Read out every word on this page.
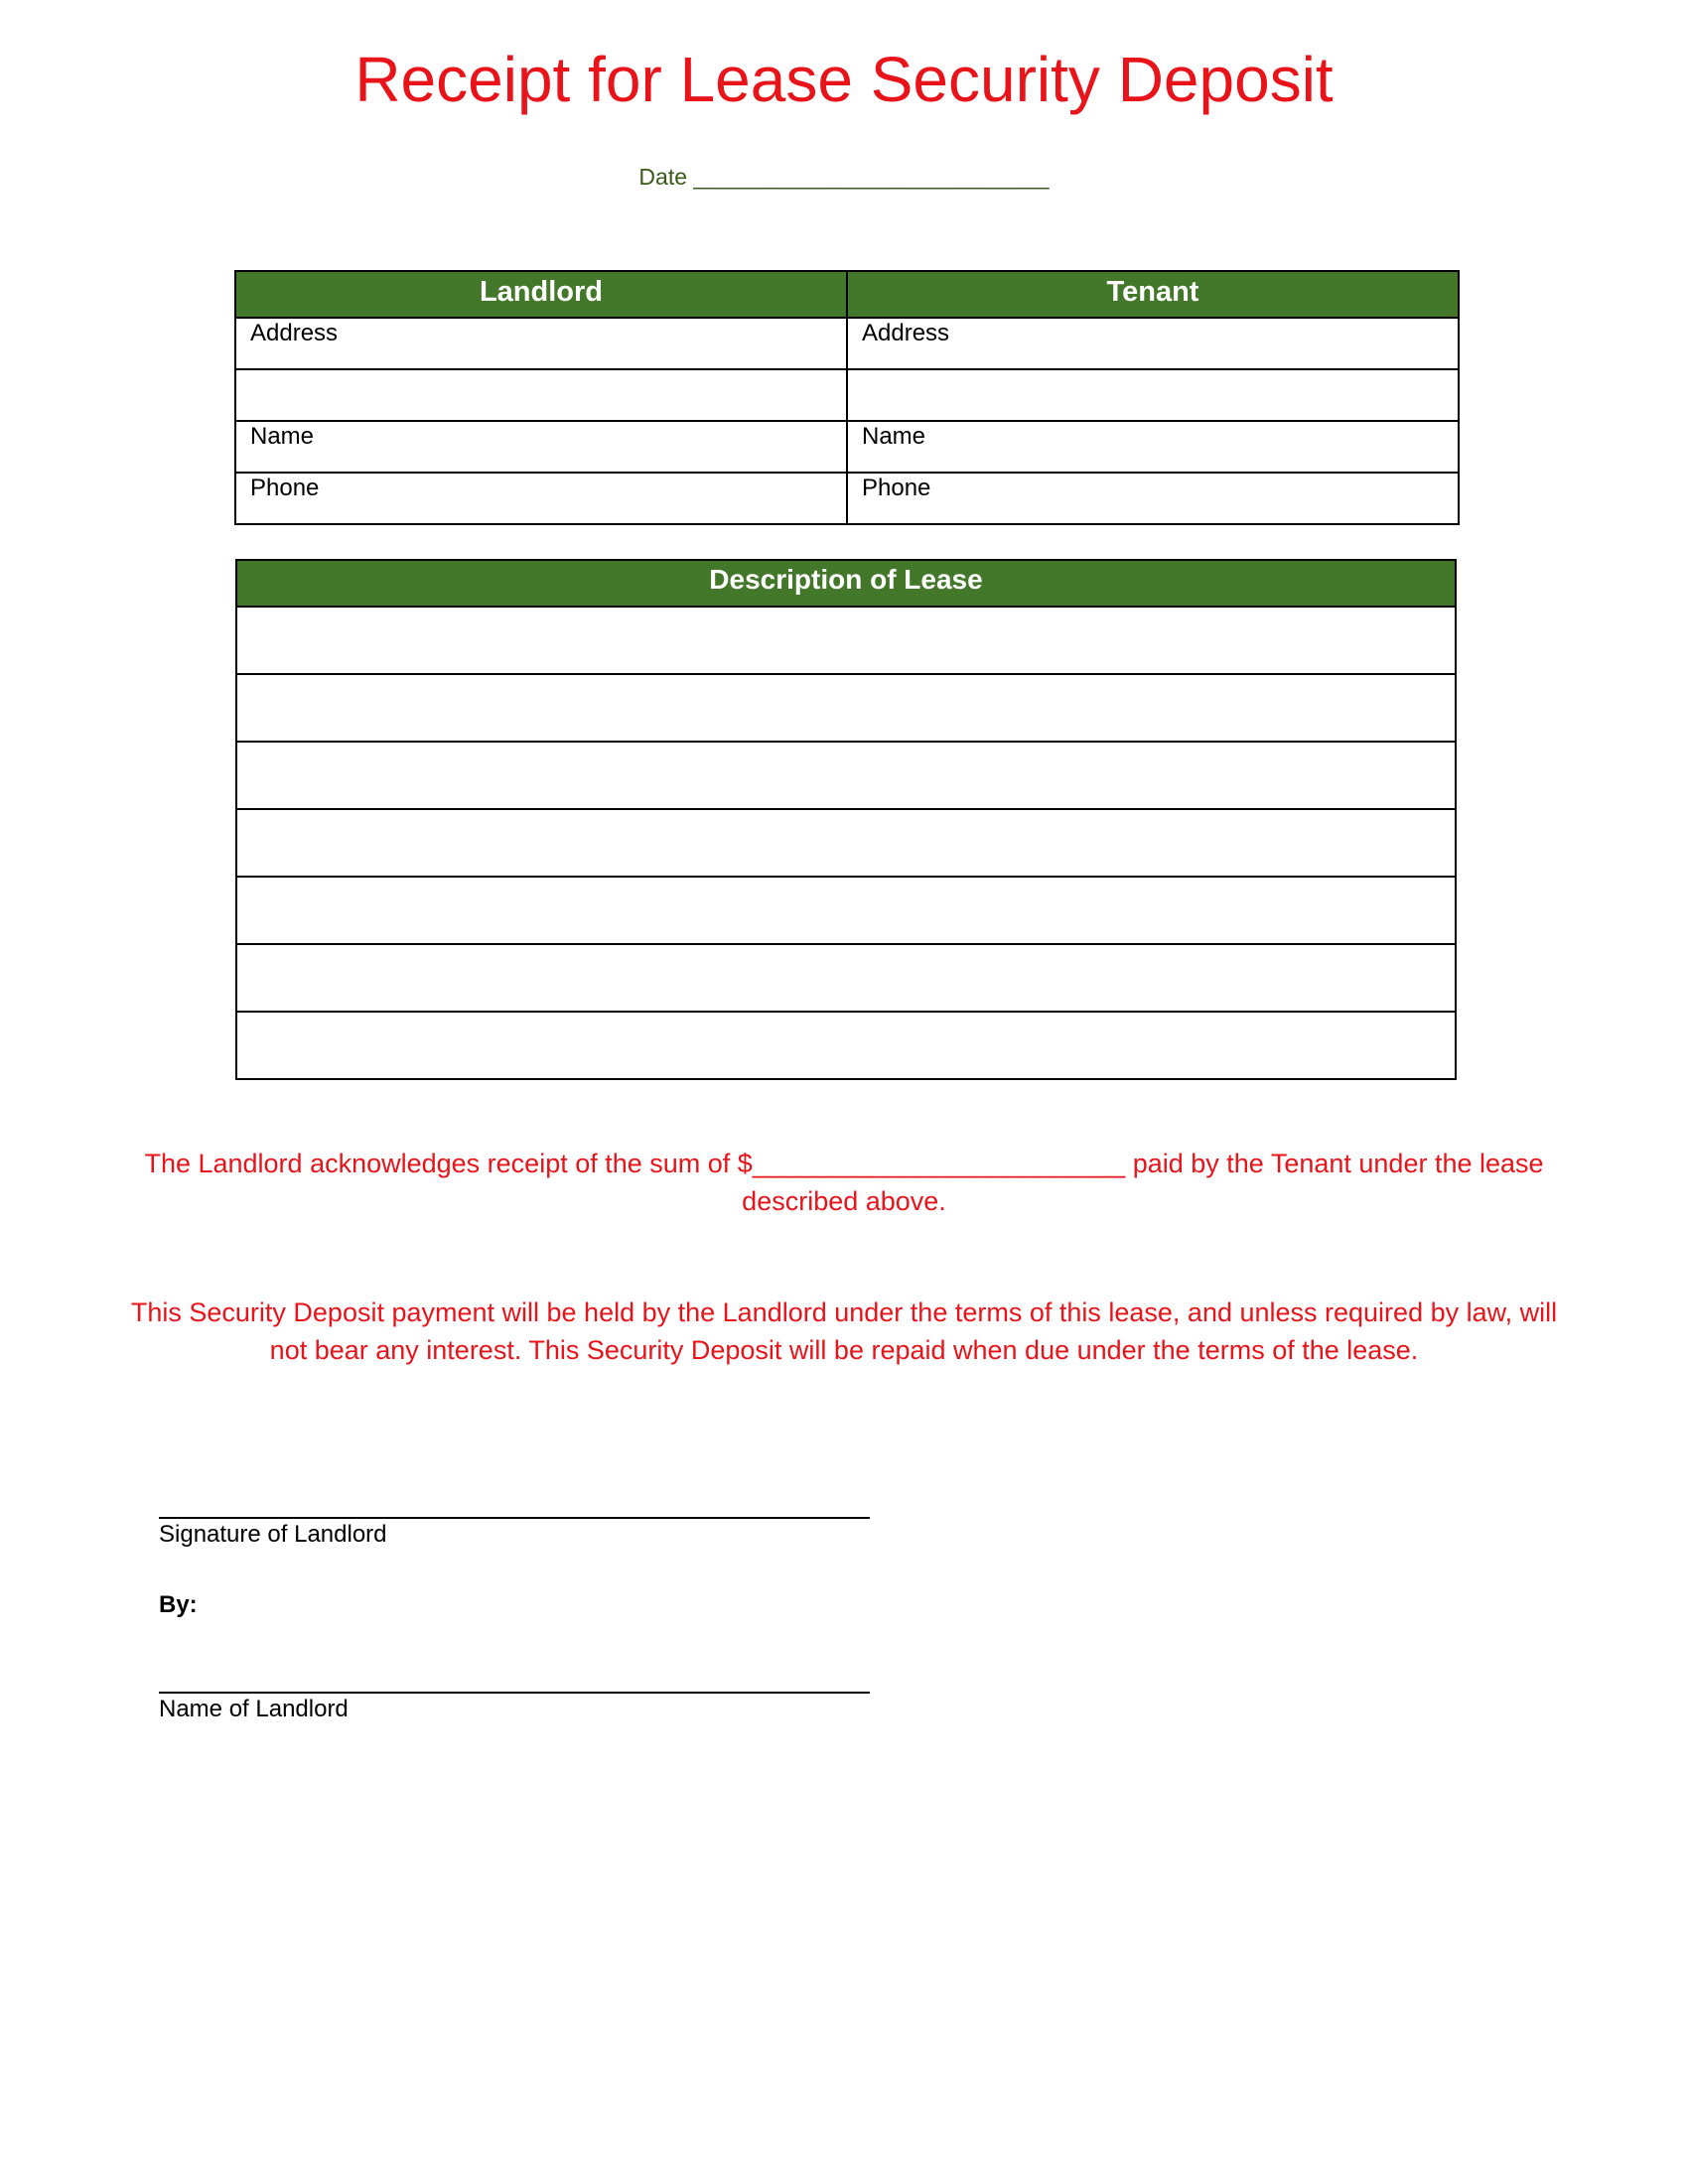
Receipt for Lease Security Deposit
Date ____________________________
Landlord	Tenant
Address	Address

Name	Name
Phone	Phone
Description of Lease

The Landlord acknowledges receipt of the sum of $_________________________ paid by the Tenant under the lease described above.
This Security Deposit payment will be held by the Landlord under the terms of this lease, and unless required by law, will not bear any interest. This Security Deposit will be repaid when due under the terms of the lease.
Signature of Landlord
By:
Name of Landlord
